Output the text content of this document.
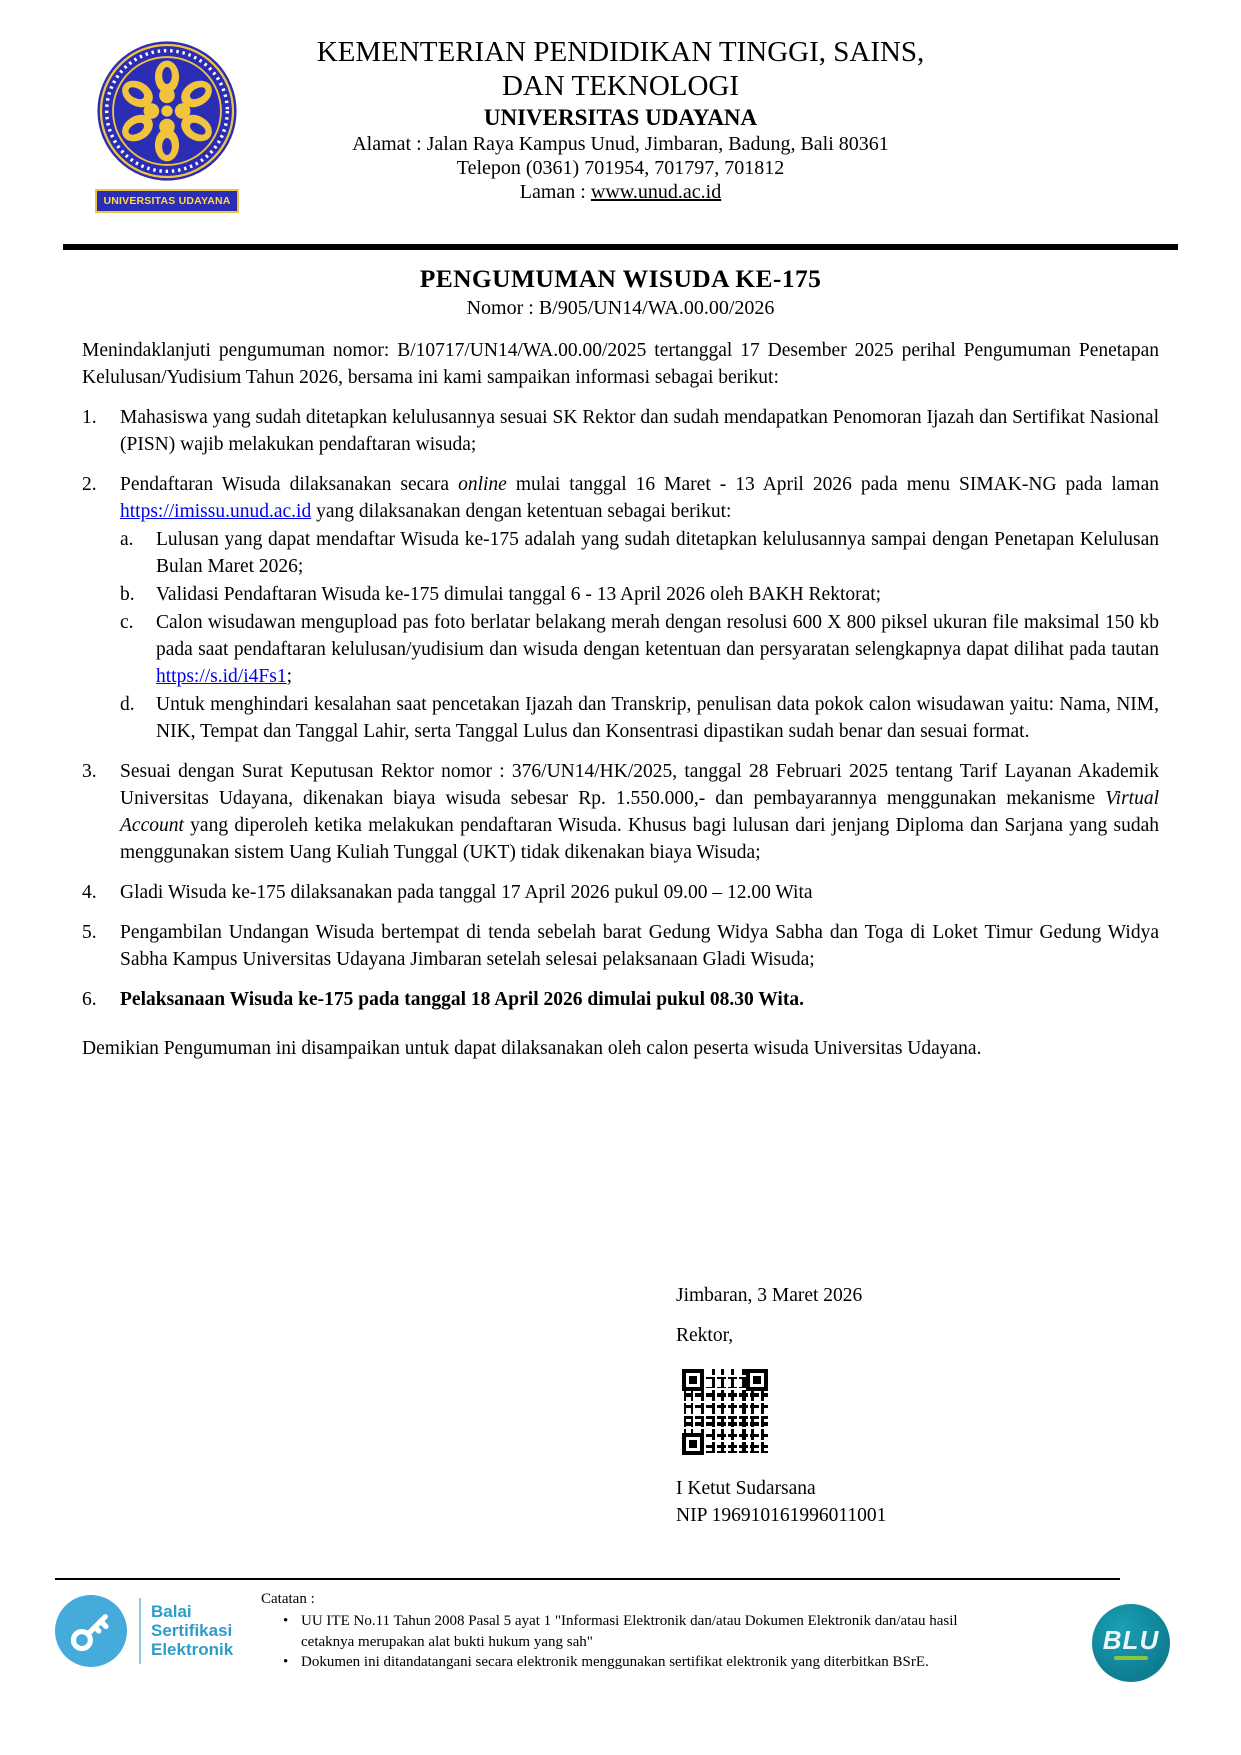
UNIVERSITAS UDAYANA
KEMENTERIAN PENDIDIKAN TINGGI, SAINS,
DAN TEKNOLOGI
UNIVERSITAS UDAYANA
Alamat : Jalan Raya Kampus Unud, Jimbaran, Badung, Bali 80361
Telepon (0361) 701954, 701797, 701812
Laman : www.unud.ac.id
PENGUMUMAN WISUDA KE-175
Nomor : B/905/UN14/WA.00.00/2026

Menindaklanjuti pengumuman nomor: B/10717/UN14/WA.00.00/2025 tertanggal 17 Desember 2025 perihal Pengumuman Penetapan Kelulusan/Yudisium Tahun 2026, bersama ini kami sampaikan informasi sebagai berikut:

1.	Mahasiswa yang sudah ditetapkan kelulusannya sesuai SK Rektor dan sudah mendapatkan Penomoran Ijazah dan Sertifikat Nasional (PISN) wajib melakukan pendaftaran wisuda;
2.	Pendaftaran Wisuda dilaksanakan secara online mulai tanggal 16 Maret - 13 April 2026 pada menu SIMAK-NG pada laman https://imissu.unud.ac.id yang dilaksanakan dengan ketentuan sebagai berikut:
a.	Lulusan yang dapat mendaftar Wisuda ke-175 adalah yang sudah ditetapkan kelulusannya sampai dengan Penetapan Kelulusan Bulan Maret 2026;
b.	Validasi Pendaftaran Wisuda ke-175 dimulai tanggal 6 - 13 April 2026 oleh BAKH Rektorat;
c.	Calon wisudawan mengupload pas foto berlatar belakang merah dengan resolusi 600 X 800 piksel ukuran file maksimal 150 kb pada saat pendaftaran kelulusan/yudisium dan wisuda dengan ketentuan dan persyaratan selengkapnya dapat dilihat pada tautan https://s.id/i4Fs1;
d.	Untuk menghindari kesalahan saat pencetakan Ijazah dan Transkrip, penulisan data pokok calon wisudawan yaitu: Nama, NIM, NIK, Tempat dan Tanggal Lahir, serta Tanggal Lulus dan Konsentrasi dipastikan sudah benar dan sesuai format.
3.	Sesuai dengan Surat Keputusan Rektor nomor : 376/UN14/HK/2025, tanggal 28 Februari 2025 tentang Tarif Layanan Akademik Universitas Udayana, dikenakan biaya wisuda sebesar Rp. 1.550.000,- dan pembayarannya menggunakan mekanisme Virtual Account yang diperoleh ketika melakukan pendaftaran Wisuda. Khusus bagi lulusan dari jenjang Diploma dan Sarjana yang sudah menggunakan sistem Uang Kuliah Tunggal (UKT) tidak dikenakan biaya Wisuda;
4.	Gladi Wisuda ke-175 dilaksanakan pada tanggal 17 April 2026 pukul 09.00 – 12.00 Wita
5.	Pengambilan Undangan Wisuda bertempat di tenda sebelah barat Gedung Widya Sabha dan Toga di Loket Timur Gedung Widya Sabha Kampus Universitas Udayana Jimbaran setelah selesai pelaksanaan Gladi Wisuda;
6.	Pelaksanaan Wisuda ke-175 pada tanggal 18 April 2026 dimulai pukul 08.30 Wita.

Demikian Pengumuman ini disampaikan untuk dapat dilaksanakan oleh calon peserta wisuda Universitas Udayana.

Jimbaran, 3 Maret 2026
Rektor,
I Ketut Sudarsana
NIP 196910161996011001
Balai
Sertifikasi
Elektronik
Catatan :
• UU ITE No.11 Tahun 2008 Pasal 5 ayat 1 "Informasi Elektronik dan/atau Dokumen Elektronik dan/atau hasil cetaknya merupakan alat bukti hukum yang sah"
• Dokumen ini ditandatangani secara elektronik menggunakan sertifikat elektronik yang diterbitkan BSrE.
BLU
